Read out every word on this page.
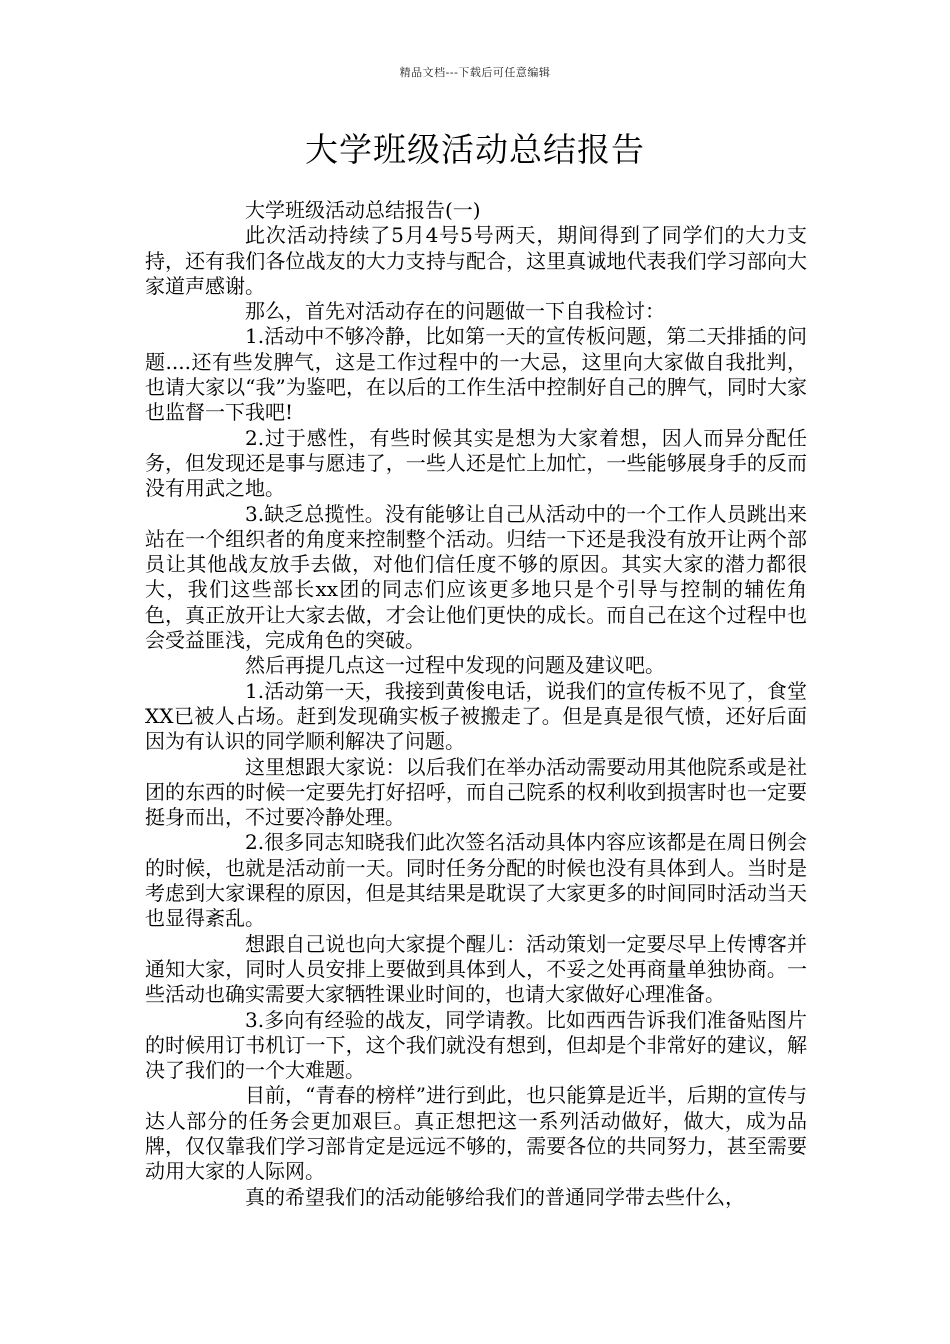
精品文档---下载后可任意编辑
大学班级活动总结报告

大学班级活动总结报告(一)

此次活动持续了5月4号5号两天，期间得到了同学们的大力支持，还有我们各位战友的大力支持与配合，这里真诚地代表我们学习部向大家道声感谢。

那么，首先对活动存在的问题做一下自我检讨：

1.活动中不够冷静，比如第一天的宣传板问题，第二天排插的问题....还有些发脾气，这是工作过程中的一大忌，这里向大家做自我批判，也请大家以“我”为鉴吧，在以后的工作生活中控制好自己的脾气，同时大家也监督一下我吧!

2.过于感性，有些时候其实是想为大家着想，因人而异分配任务，但发现还是事与愿违了，一些人还是忙上加忙，一些能够展身手的反而没有用武之地。

3.缺乏总揽性。没有能够让自己从活动中的一个工作人员跳出来站在一个组织者的角度来控制整个活动。归结一下还是我没有放开让两个部员让其他战友放手去做，对他们信任度不够的原因。其实大家的潜力都很大，我们这些部长xx团的同志们应该更多地只是个引导与控制的辅佐角色，真正放开让大家去做，才会让他们更快的成长。而自己在这个过程中也会受益匪浅，完成角色的突破。

然后再提几点这一过程中发现的问题及建议吧。

1.活动第一天，我接到黄俊电话，说我们的宣传板不见了，食堂XX已被人占场。赶到发现确实板子被搬走了。但是真是很气愤，还好后面因为有认识的同学顺利解决了问题。

这里想跟大家说：以后我们在举办活动需要动用其他院系或是社团的东西的时候一定要先打好招呼，而自己院系的权利收到损害时也一定要挺身而出，不过要冷静处理。

2.很多同志知晓我们此次签名活动具体内容应该都是在周日例会的时候，也就是活动前一天。同时任务分配的时候也没有具体到人。当时是考虑到大家课程的原因，但是其结果是耽误了大家更多的时间同时活动当天也显得紊乱。

想跟自己说也向大家提个醒儿：活动策划一定要尽早上传博客并通知大家，同时人员安排上要做到具体到人，不妥之处再商量单独协商。一些活动也确实需要大家牺牲课业时间的，也请大家做好心理准备。

3.多向有经验的战友，同学请教。比如西西告诉我们准备贴图片的时候用订书机订一下，这个我们就没有想到，但却是个非常好的建议，解决了我们的一个大难题。

目前，“青春的榜样”进行到此，也只能算是近半，后期的宣传与达人部分的任务会更加艰巨。真正想把这一系列活动做好，做大，成为品牌，仅仅靠我们学习部肯定是远远不够的，需要各位的共同努力，甚至需要动用大家的人际网。

真的希望我们的活动能够给我们的普通同学带去些什么，
